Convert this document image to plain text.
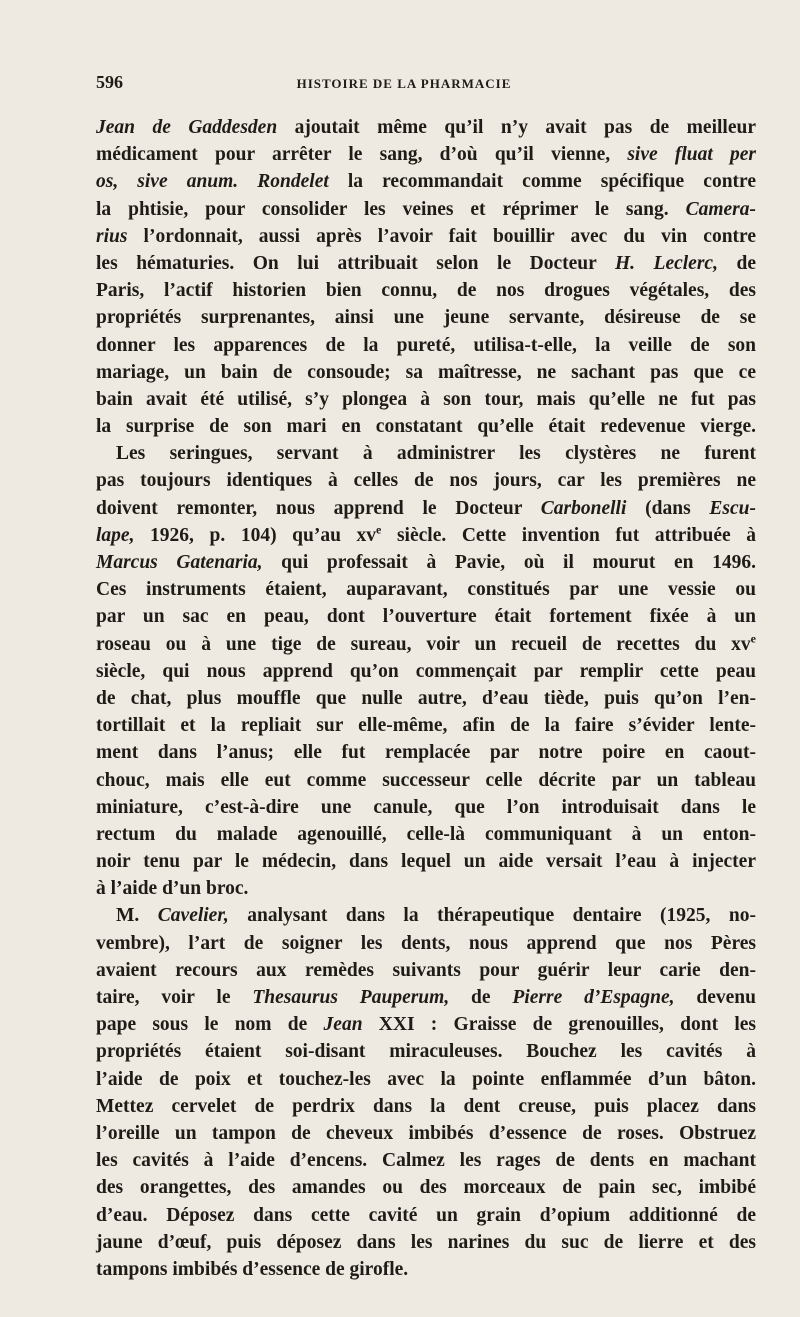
596	HISTOIRE DE LA PHARMACIE
Jean de Gaddesden ajoutait même qu’il n’y avait pas de meilleur
médicament pour arrêter le sang, d’où qu’il vienne, sive fluat per
os, sive anum. Rondelet la recommandait comme spécifique contre
la phtisie, pour consolider les veines et réprimer le sang. Camera-
rius l’ordonnait, aussi après l’avoir fait bouillir avec du vin contre
les hématuries. On lui attribuait selon le Docteur H. Leclerc, de
Paris, l’actif historien bien connu, de nos drogues végétales, des
propriétés surprenantes, ainsi une jeune servante, désireuse de se
donner les apparences de la pureté, utilisa-t-elle, la veille de son
mariage, un bain de consoude; sa maîtresse, ne sachant pas que ce
bain avait été utilisé, s’y plongea à son tour, mais qu’elle ne fut pas
la surprise de son mari en constatant qu’elle était redevenue vierge.
Les seringues, servant à administrer les clystères ne furent
pas toujours identiques à celles de nos jours, car les premières ne
doivent remonter, nous apprend le Docteur Carbonelli (dans Escu-
lape, 1926, p. 104) qu’au $xv^e$ siècle. Cette invention fut attribuée à
Marcus Gatenaria, qui professait à Pavie, où il mourut en 1496.
Ces instruments étaient, auparavant, constitués par une vessie ou
par un sac en peau, dont l’ouverture était fortement fixée à un
roseau ou à une tige de sureau, voir un recueil de recettes du $xv^e$
siècle, qui nous apprend qu’on commençait par remplir cette peau
de chat, plus moufflе que nulle autre, d’eau tiède, puis qu’on l’en-
tortillait et la repliait sur elle-même, afin de la faire s’évider lente-
ment dans l’anus; elle fut remplacée par notre poire en caout-
chouc, mais elle eut comme successeur celle décrite par un tableau
miniature, c’est-à-dire une canule, que l’on introduisait dans le
rectum du malade agenouillé, celle-là communiquant à un enton-
noir tenu par le médecin, dans lequel un aide versait l’eau à injecter
à l’aide d’un broc.
M. Cavelier, analysant dans la thérapeutique dentaire (1925, no-
vembre), l’art de soigner les dents, nous apprend que nos Pères
avaient recours aux remèdes suivants pour guérir leur carie den-
taire, voir le Thesaurus Pauperum, de Pierre d’Espagne, devenu
pape sous le nom de Jean XXI : Graisse de grenouilles, dont les
propriétés étaient soi-disant miraculeuses. Bouchez les cavités à
l’aide de poix et touchez-les avec la pointe enflammée d’un bâton.
Mettez cervelet de perdrix dans la dent creuse, puis placez dans
l’oreille un tampon de cheveux imbibés d’essence de roses. Obstruez
les cavités à l’aide d’encens. Calmez les rages de dents en machant
des orangettes, des amandes ou des morceaux de pain sec, imbibé
d’eau. Déposez dans cette cavité un grain d’opium additionné de
jaune d’œuf, puis déposez dans les narines du suc de lierre et des
tampons imbibés d’essence de girofle.
